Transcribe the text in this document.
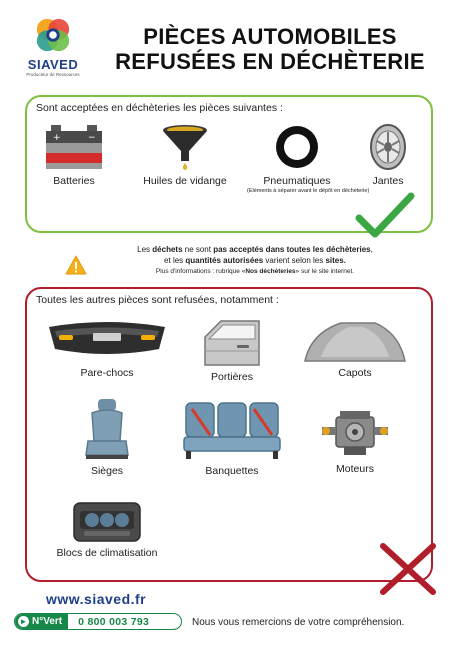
SIAVED
Producteur de Ressources
PIÈCES AUTOMOBILES
REFUSÉES EN DÉCHÈTERIE
Sont acceptées en déchèteries les pièces suivantes :
+	−
Batteries	Huiles de vidange	Pneumatiques
(Eléments à séparer avant le dépôt en déchèterie)
Jantes
Les déchets ne sont pas acceptés dans toutes les déchèteries,
et les quantités autorisées varient selon les sites.
Plus d'informations : rubrique «Nos déchèteries» sur le site internet.
Toutes les autres pièces sont refusées, notamment :
Pare-chocs	Portières	Capots
Sièges	Banquettes	Moteurs
Blocs de climatisation
www.siaved.fr
► N°Vert	0 800 003 793	Nous vous remercions de votre compréhension.
